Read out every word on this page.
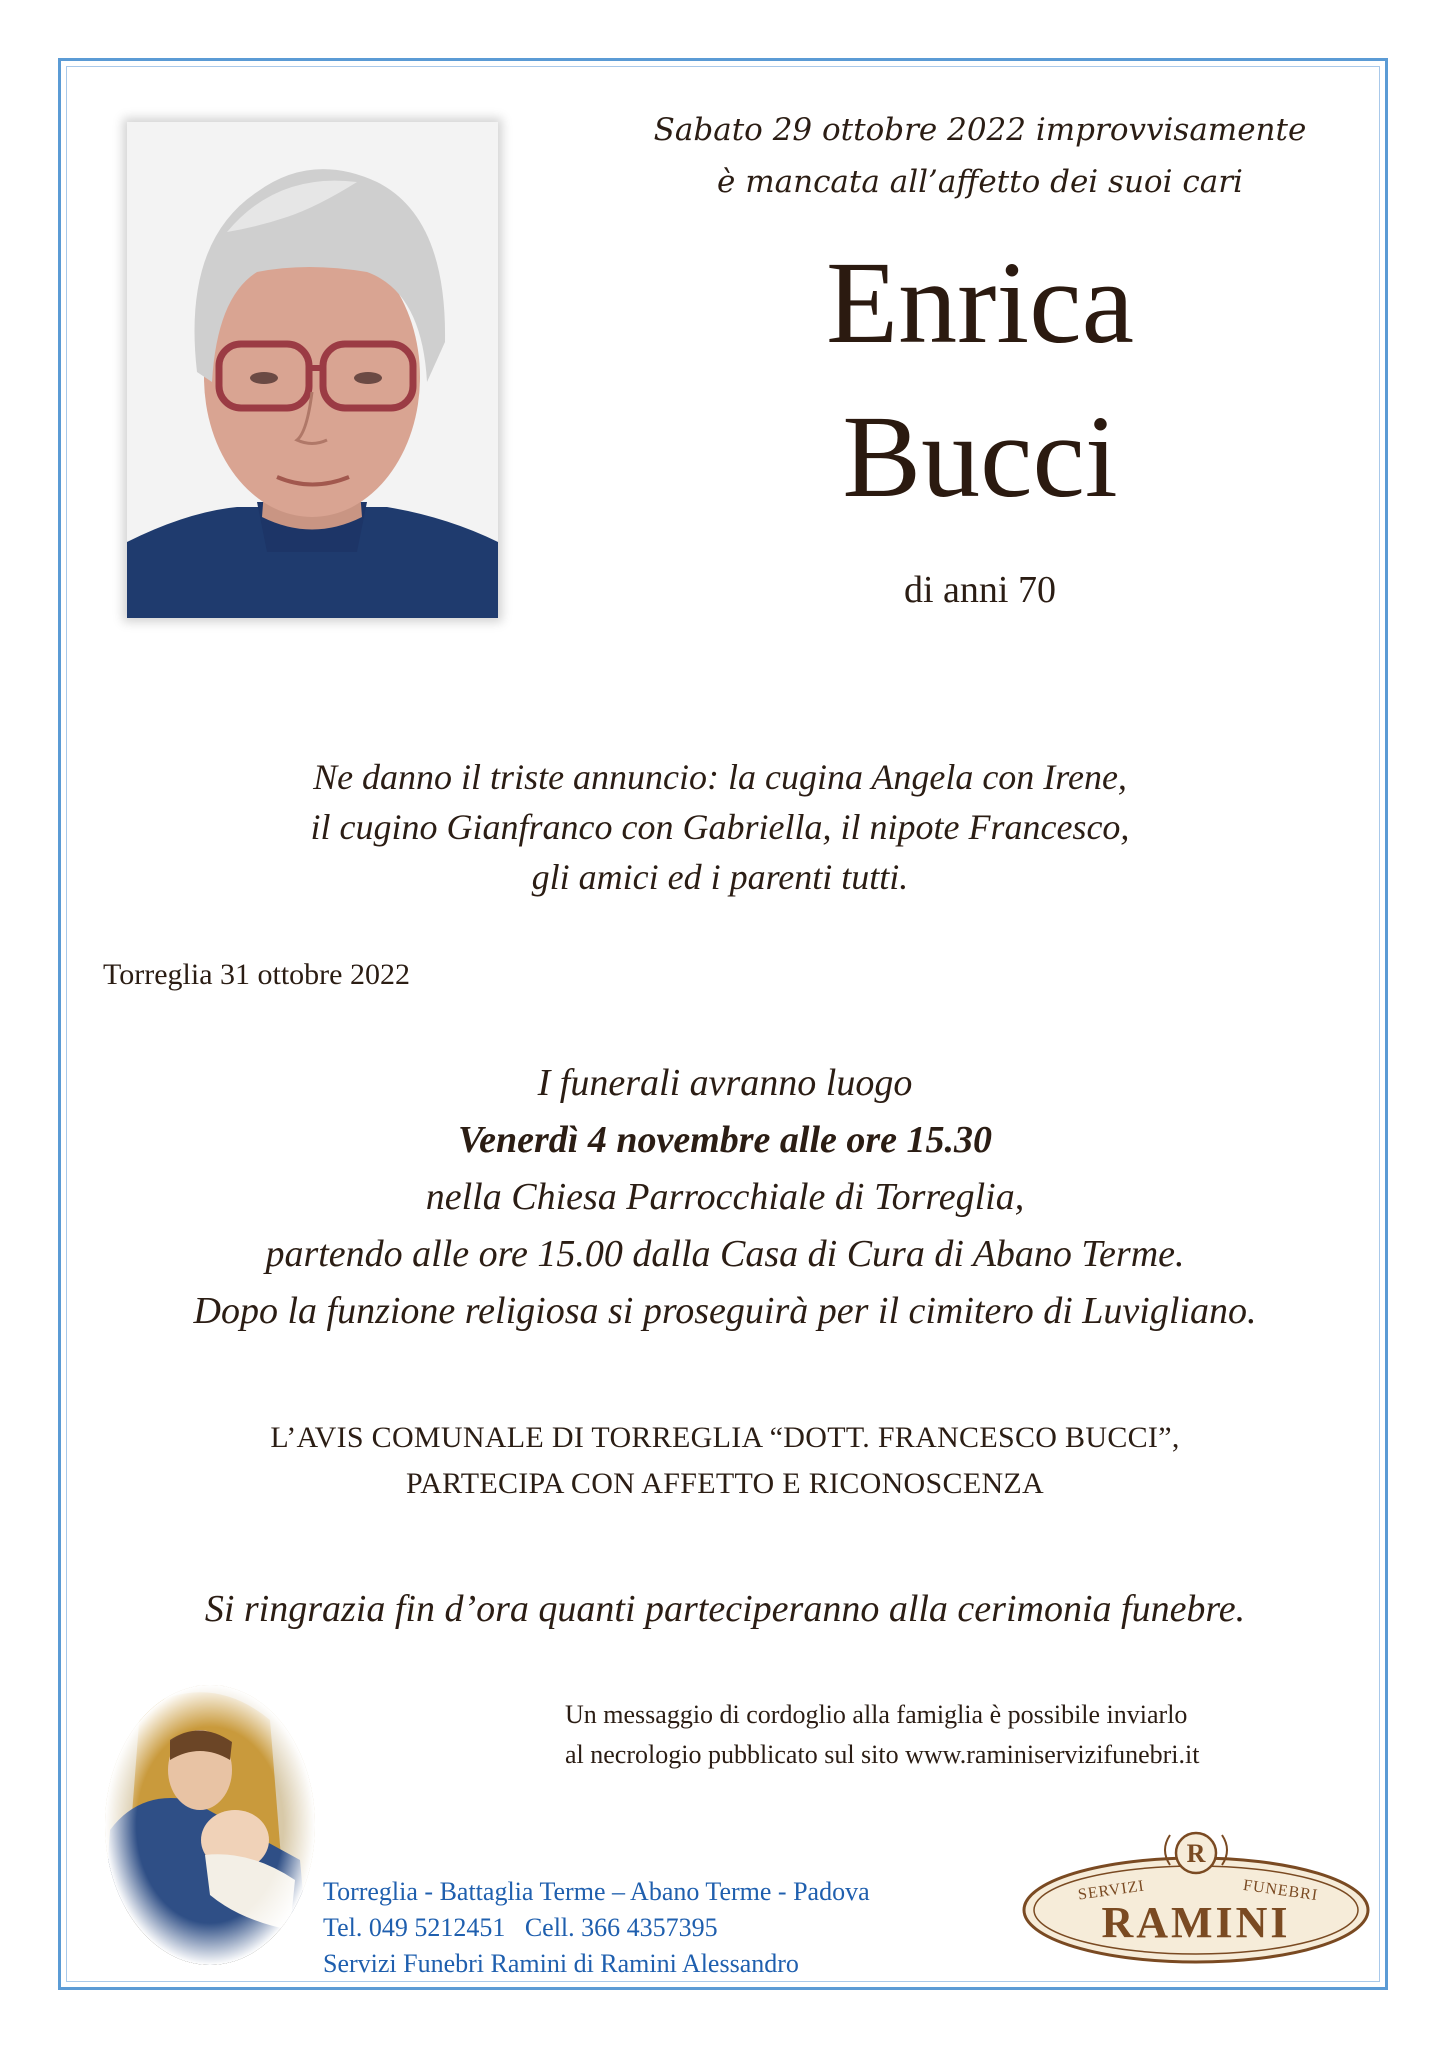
Sabato 29 ottobre 2022 improvvisamente
è mancata all’affetto dei suoi cari
Enrica
Bucci
di anni 70
Ne danno il triste annuncio: la cugina Angela con Irene,
il cugino Gianfranco con Gabriella, il nipote Francesco,
gli amici ed i parenti tutti.
Torreglia 31 ottobre 2022
I funerali avranno luogo
Venerdì 4 novembre alle ore 15.30
nella Chiesa Parrocchiale di Torreglia,
partendo alle ore 15.00 dalla Casa di Cura di Abano Terme.
Dopo la funzione religiosa si proseguirà per il cimitero di Luvigliano.
L’AVIS COMUNALE DI TORREGLIA “DOTT. FRANCESCO BUCCI”,
PARTECIPA CON AFFETTO E RICONOSCENZA
Si ringrazia fin d’ora quanti parteciperanno alla cerimonia funebre.
Un messaggio di cordoglio alla famiglia è possibile inviarlo
al necrologio pubblicato sul sito www.raminiservizifunebri.it
Torreglia - Battaglia Terme – Abano Terme - Padova
Tel. 049 5212451   Cell. 366 4357395
Servizi Funebri Ramini di Ramini Alessandro
R
SERVIZI	FUNEBRI
RAMINI
